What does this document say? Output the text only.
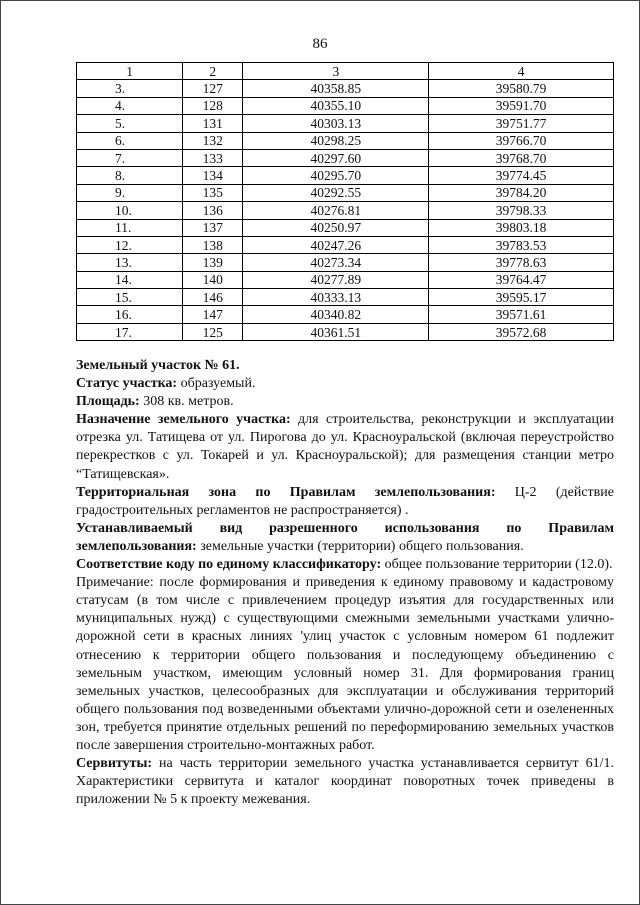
86
1	2	3	4
3.	127	40358.85	39580.79
4.	128	40355.10	39591.70
5.	131	40303.13	39751.77
6.	132	40298.25	39766.70
7.	133	40297.60	39768.70
8.	134	40295.70	39774.45
9.	135	40292.55	39784.20
10.	136	40276.81	39798.33
11.	137	40250.97	39803.18
12.	138	40247.26	39783.53
13.	139	40273.34	39778.63
14.	140	40277.89	39764.47
15.	146	40333.13	39595.17
16.	147	40340.82	39571.61
17.	125	40361.51	39572.68

Земельный участок № 61.

Статус участка: образуемый.

Площадь: 308 кв. метров.

Назначение земельного участка: для строительства, реконструкции и эксплуатации отрезка ул. Татищева от ул. Пирогова до ул. Красноуральской (включая переустройство перекрестков с ул. Токарей и ул. Красноуральской); для размещения станции метро “Татищевская».

Территориальная зона по Правилам землепользования: Ц-2 (действие градостроительных регламентов не распространяется) .

Устанавливаемый вид разрешенного использования по Правилам землепользования: земельные участки (территории) общего пользования.

Соответствие коду по единому классификатору: общее пользование территории (12.0).

Примечание: после формирования и приведения к единому правовому и кадастровому статусам (в том числе с привлечением процедур изъятия для государственных или муниципальных нужд) с существующими смежными земельными участками улично-дорожной сети в красных линиях 'улиц участок с условным номером 61 подлежит отнесению к территории общего пользования и последующему объединению с земельным участком, имеющим условный номер 31. Для формирования границ земельных участков, целесообразных для эксплуатации и обслуживания территорий общего пользования под возведенными объектами улично-дорожной сети и озелененных зон, требуется принятие отдельных решений по переформированию земельных участков после завершения строительно-монтажных работ.

Сервитуты: на часть территории земельного участка устанавливается сервитут 61/1. Характеристики сервитута и каталог координат поворотных точек приведены в приложении № 5 к проекту межевания.
